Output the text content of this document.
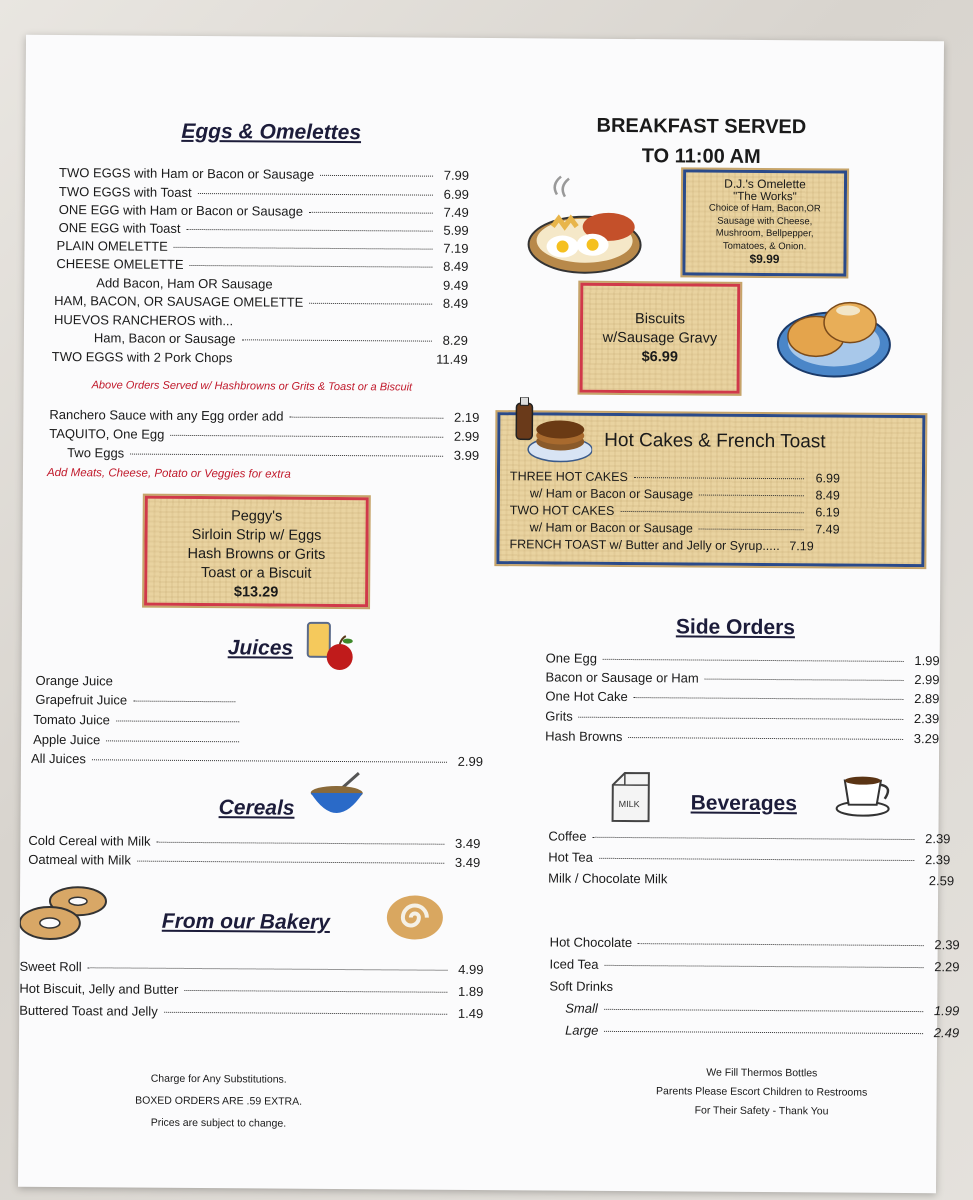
Eggs & Omelettes
TWO EGGS with Ham or Bacon or Sausage	7.99
TWO EGGS with Toast	6.99
ONE EGG with Ham or Bacon or Sausage	7.49
ONE EGG with Toast	5.99
PLAIN OMELETTE	7.19
CHEESE OMELETTE	8.49
Add Bacon, Ham OR Sausage	9.49
HAM, BACON, OR SAUSAGE OMELETTE	8.49
HUEVOS RANCHEROS with...
Ham, Bacon or Sausage	8.29
TWO EGGS with 2 Pork Chops	11.49
Above Orders Served w/ Hashbrowns or Grits & Toast or a Biscuit
Ranchero Sauce with any Egg order add	2.19
TAQUITO, One Egg	2.99
Two Eggs	3.99
Add Meats, Cheese, Potato or Veggies for extra
Peggy's
Sirloin Strip w/ Eggs
Hash Browns or Grits
Toast or a Biscuit
$13.29
Juices
Orange Juice
Grapefruit Juice
Tomato Juice
Apple Juice
All Juices	2.99
Cereals
Cold Cereal with Milk	3.49
Oatmeal with Milk	3.49
From our Bakery
Sweet Roll	4.99
Hot Biscuit, Jelly and Butter	1.89
Buttered Toast and Jelly	1.49
Charge for Any Substitutions.
BOXED ORDERS ARE .59 EXTRA.
Prices are subject to change.
BREAKFAST SERVED
TO 11:00 AM
D.J.'s Omelette
"The Works"
Choice of Ham, Bacon,OR
Sausage with Cheese,
Mushroom, Bellpepper,
Tomatoes, & Onion.
$9.99
Biscuits
w/Sausage Gravy
$6.99
Hot Cakes & French Toast
THREE HOT CAKES	6.99
w/ Ham or Bacon or Sausage	8.49
TWO HOT CAKES	6.19
w/ Ham or Bacon or Sausage	7.49
FRENCH TOAST w/ Butter and Jelly or Syrup..... 7.19
Side Orders
One Egg	1.99
Bacon or Sausage or Ham	2.99
One Hot Cake	2.89
Grits	2.39
Hash Browns	3.29
MILK Beverages
Coffee	2.39
Hot Tea	2.39
Milk / Chocolate Milk	2.59
Hot Chocolate	2.39
Iced Tea	2.29
Soft Drinks
Small	1.99
Large	2.49
We Fill Thermos Bottles
Parents Please Escort Children to Restrooms
For Their Safety - Thank You
